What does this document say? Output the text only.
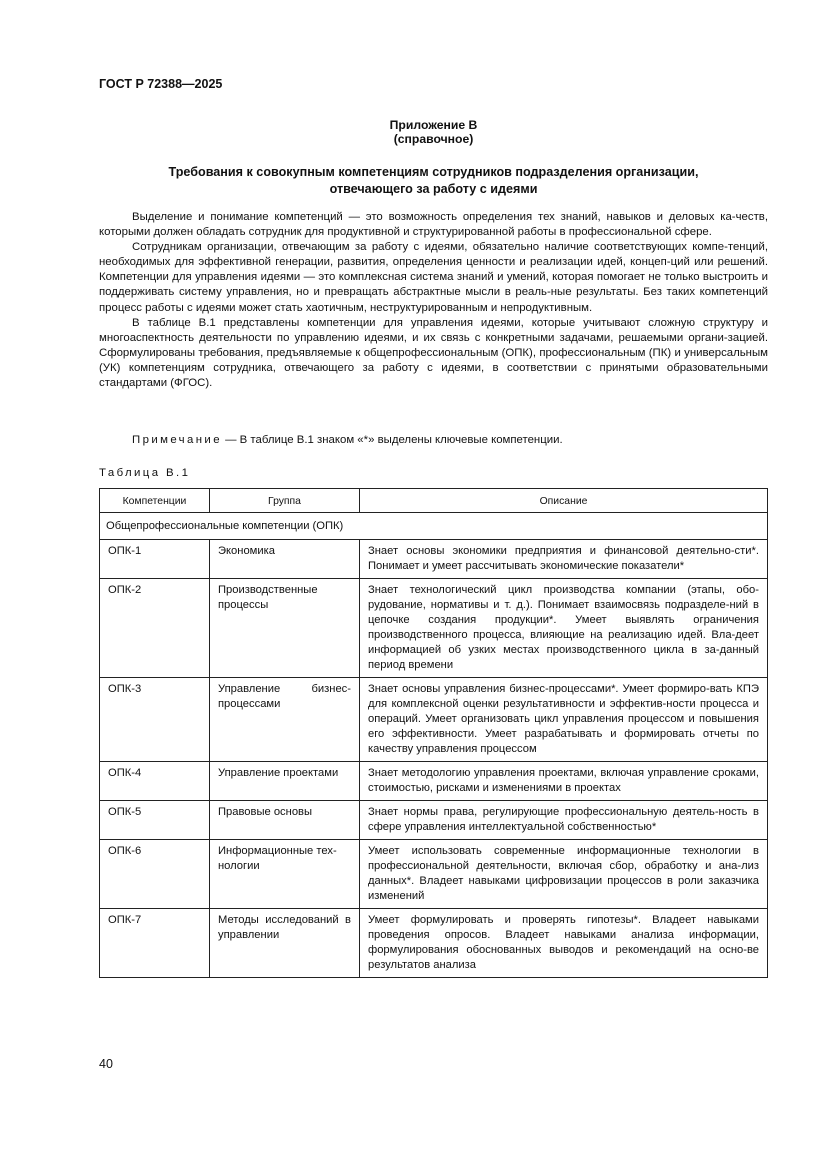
ГОСТ Р 72388—2025
Приложение В
(справочное)
Требования к совокупным компетенциям сотрудников подразделения организации,
отвечающего за работу с идеями

Выделение и понимание компетенций — это возможность определения тех знаний, навыков и деловых ка-честв, которыми должен обладать сотрудник для продуктивной и структурированной работы в профессиональной сфере.

Сотрудникам организации, отвечающим за работу с идеями, обязательно наличие соответствующих компе-тенций, необходимых для эффективной генерации, развития, определения ценности и реализации идей, концеп-ций или решений. Компетенции для управления идеями — это комплексная система знаний и умений, которая помогает не только выстроить и поддерживать систему управления, но и превращать абстрактные мысли в реаль-ные результаты. Без таких компетенций процесс работы с идеями может стать хаотичным, неструктурированным и непродуктивным.

В таблице В.1 представлены компетенции для управления идеями, которые учитывают сложную структуру и многоаспектность деятельности по управлению идеями, и их связь с конкретными задачами, решаемыми органи-зацией. Сформулированы требования, предъявляемые к общепрофессиональным (ОПК), профессиональным (ПК) и универсальным (УК) компетенциям сотрудника, отвечающего за работу с идеями, в соответствии с принятыми образовательными стандартами (ФГОС).

Примечание — В таблице В.1 знаком «*» выделены ключевые компетенции.
Таблица В.1
Компетенции	Группа	Описание
Общепрофессиональные компетенции (ОПК)		
ОПК-1	Экономика	Знает основы экономики предприятия и финансовой деятельно-сти*. Понимает и умеет рассчитывать экономические показатели*
ОПК-2	Производственные процессы	Знает технологический цикл производства компании (этапы, обо-рудование, нормативы и т. д.). Понимает взаимосвязь подразделе-ний в цепочке создания продукции*. Умеет выявлять ограничения производственного процесса, влияющие на реализацию идей. Вла-деет информацией об узких местах производственного цикла в за-данный период времени
ОПК-3	Управление бизнес-процессами	Знает основы управления бизнес-процессами*. Умеет формиро-вать КПЭ для комплексной оценки результативности и эффектив-ности процесса и операций. Умеет организовать цикл управления процессом и повышения его эффективности. Умеет разрабатывать и формировать отчеты по качеству управления процессом
ОПК-4	Управление проектами	Знает методологию управления проектами, включая управление сроками, стоимостью, рисками и изменениями в проектах
ОПК-5	Правовые основы	Знает нормы права, регулирующие профессиональную деятель-ность в сфере управления интеллектуальной собственностью*
ОПК-6	Информационные тех-нологии	Умеет использовать современные информационные технологии в профессиональной деятельности, включая сбор, обработку и ана-лиз данных*. Владеет навыками цифровизации процессов в роли заказчика изменений
ОПК-7	Методы исследований в управлении	Умеет формулировать и проверять гипотезы*. Владеет навыками проведения опросов. Владеет навыками анализа информации, формулирования обоснованных выводов и рекомендаций на осно-ве результатов анализа
40
